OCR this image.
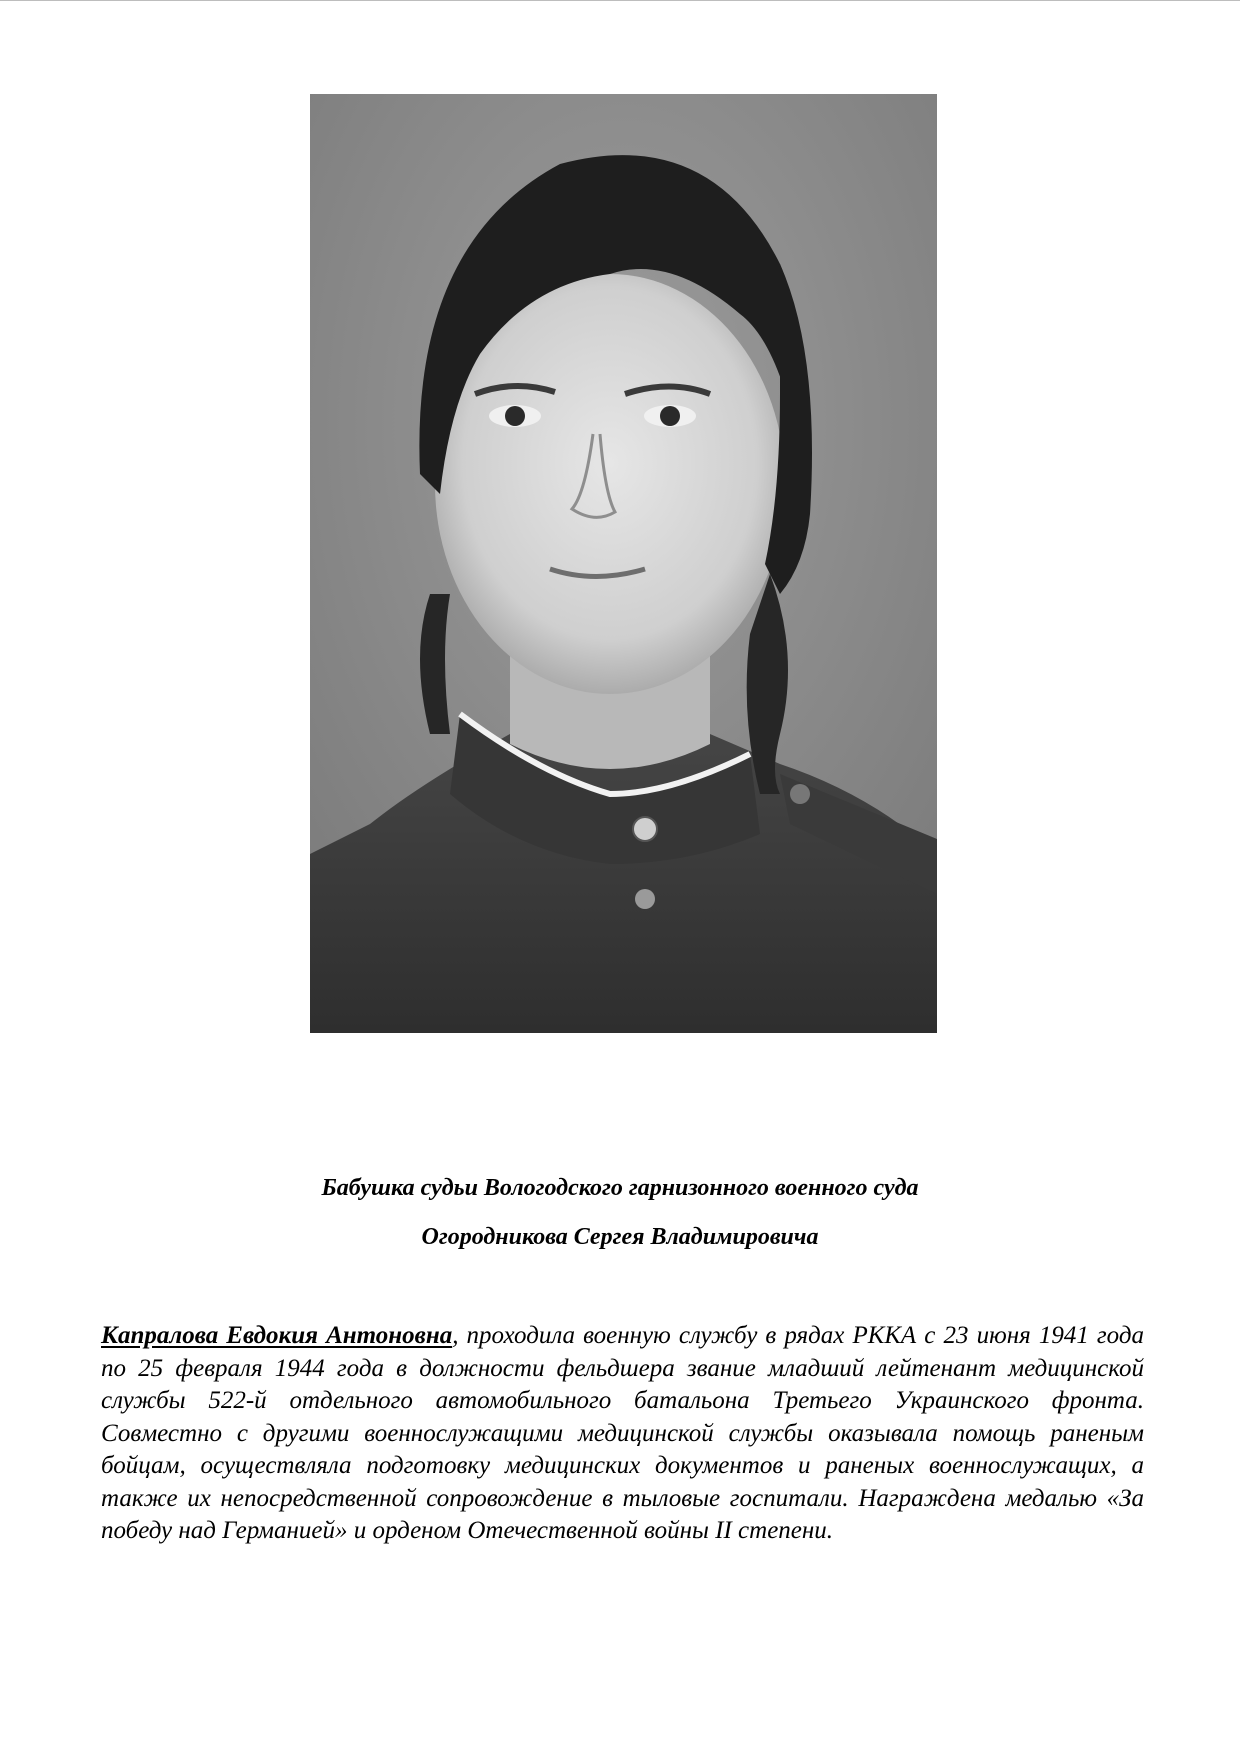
Бабушка судьи Вологодского гарнизонного военного суда
Огородникова Сергея Владимировича
Капралова Евдокия Антоновна, проходила военную службу в рядах РККА с 23 июня 1941 года по 25 февраля 1944 года в должности фельдшера звание младший лейтенант медицинской службы 522-й отдельного автомобильного батальона Третьего Украинского фронта. Совместно с другими военнослужащими медицинской службы оказывала помощь раненым бойцам, осуществляла подготовку медицинских документов и раненых военнослужащих, а также их непосредственной сопровождение в тыловые госпитали. Награждена медалью «За победу над Германией» и орденом Отечественной войны II степени.
